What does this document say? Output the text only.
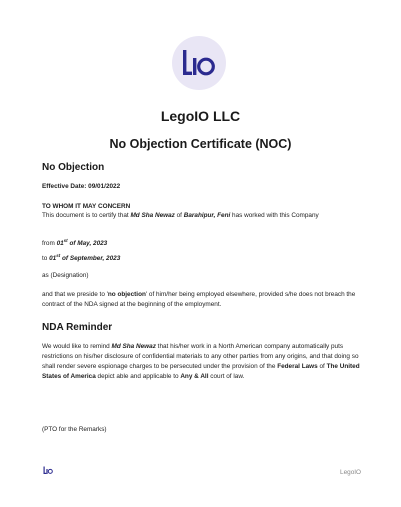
LegoIO LLC
No Objection Certificate (NOC)
No Objection
Effective Date: 09/01/2022
TO WHOM IT MAY CONCERN
This document is to certify that Md Sha Newaz of Barahipur, Feni has worked with this Company
from 01st of May, 2023
to 01st of September, 2023
as (Designation)
and that we preside to 'no objection' of him/her being employed elsewhere, provided s/he does not breach the contract of the NDA signed at the beginning of the employment.
NDA Reminder
We would like to remind Md Sha Newaz that his/her work in a North American company automatically puts restrictions on his/her disclosure of confidential materials to any other parties from any origins, and that doing so shall render severe espionage charges to be persecuted under the provision of the Federal Laws of The United States of America depict able and applicable to Any & All court of law.
(PTO for the Remarks)
LegoIO
